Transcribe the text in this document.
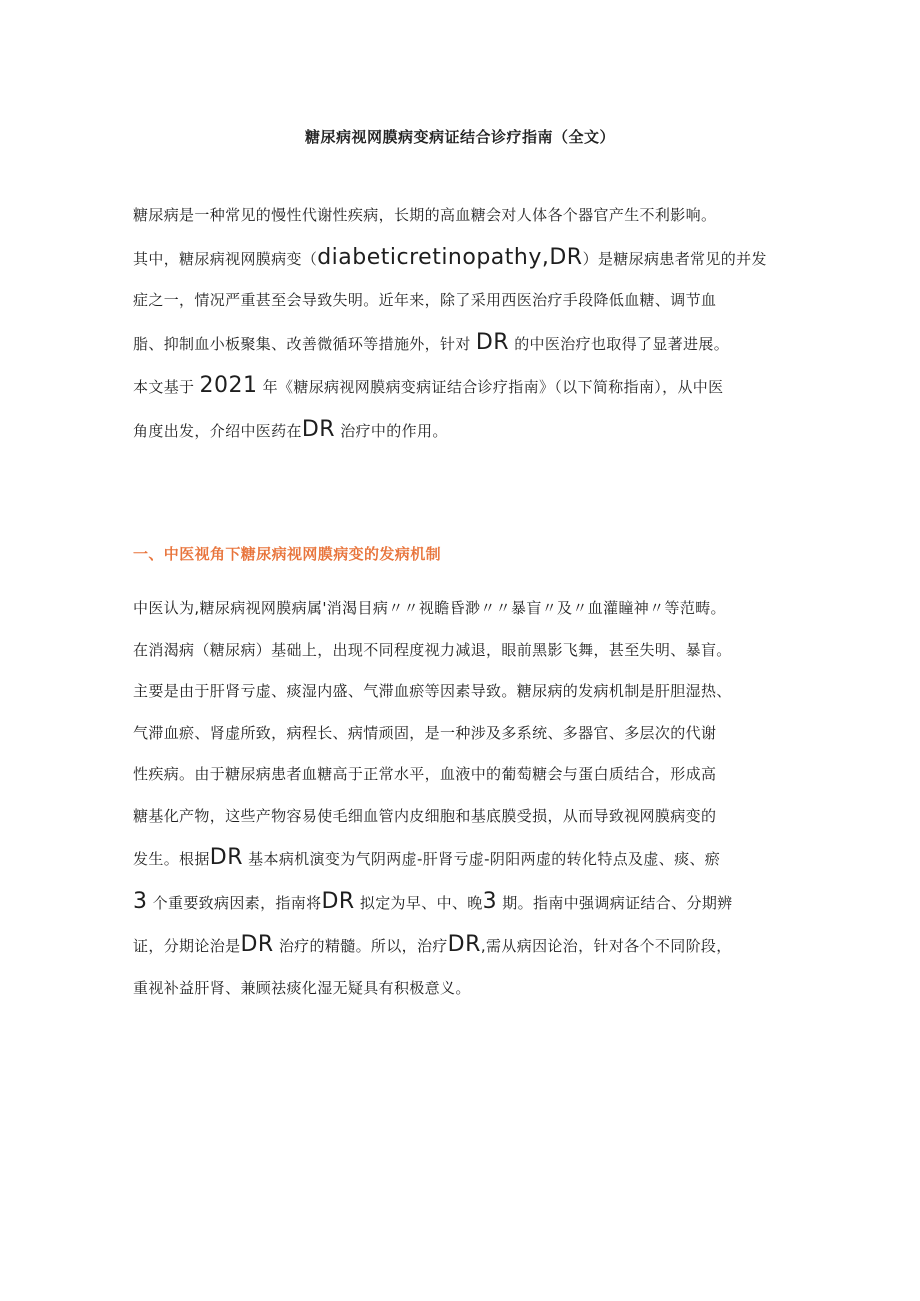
糖尿病视网膜病变病证结合诊疗指南（全文）
糖尿病是一种常见的慢性代谢性疾病，长期的高血糖会对人体各个器官产生不利影响。
其中，糖尿病视网膜病变（diabeticretinopathy,DR）是糖尿病患者常见的并发
症之一，情况严重甚至会导致失明。近年来，除了采用西医治疗手段降低血糖、调节血
脂、抑制血小板聚集、改善微循环等措施外，针对 DR 的中医治疗也取得了显著进展。
本文基于 2021 年《糖尿病视网膜病变病证结合诊疗指南》（以下简称指南），从中医
角度出发，介绍中医药在DR 治疗中的作用。
一、中医视角下糖尿病视网膜病变的发病机制
中医认为,糖尿病视网膜病属'消渴目病〃〃视瞻昏渺〃〃暴盲〃及〃血灌瞳神〃等范畴。
在消渴病（糖尿病）基础上，出现不同程度视力减退，眼前黑影飞舞，甚至失明、暴盲。
主要是由于肝肾亏虚、痰湿内盛、气滞血瘀等因素导致。糖尿病的发病机制是肝胆湿热、
气滞血瘀、肾虚所致，病程长、病情顽固，是一种涉及多系统、多器官、多层次的代谢
性疾病。由于糖尿病患者血糖高于正常水平，血液中的葡萄糖会与蛋白质结合，形成高
糖基化产物，这些产物容易使毛细血管内皮细胞和基底膜受损，从而导致视网膜病变的
发生。根据DR 基本病机演变为气阴两虚-肝肾亏虚-阴阳两虚的转化特点及虚、痰、瘀
3 个重要致病因素，指南将DR 拟定为早、中、晚3 期。指南中强调病证结合、分期辨
证，分期论治是DR 治疗的精髓。所以，治疗DR,需从病因论治，针对各个不同阶段，
重视补益肝肾、兼顾祛痰化湿无疑具有积极意义。
